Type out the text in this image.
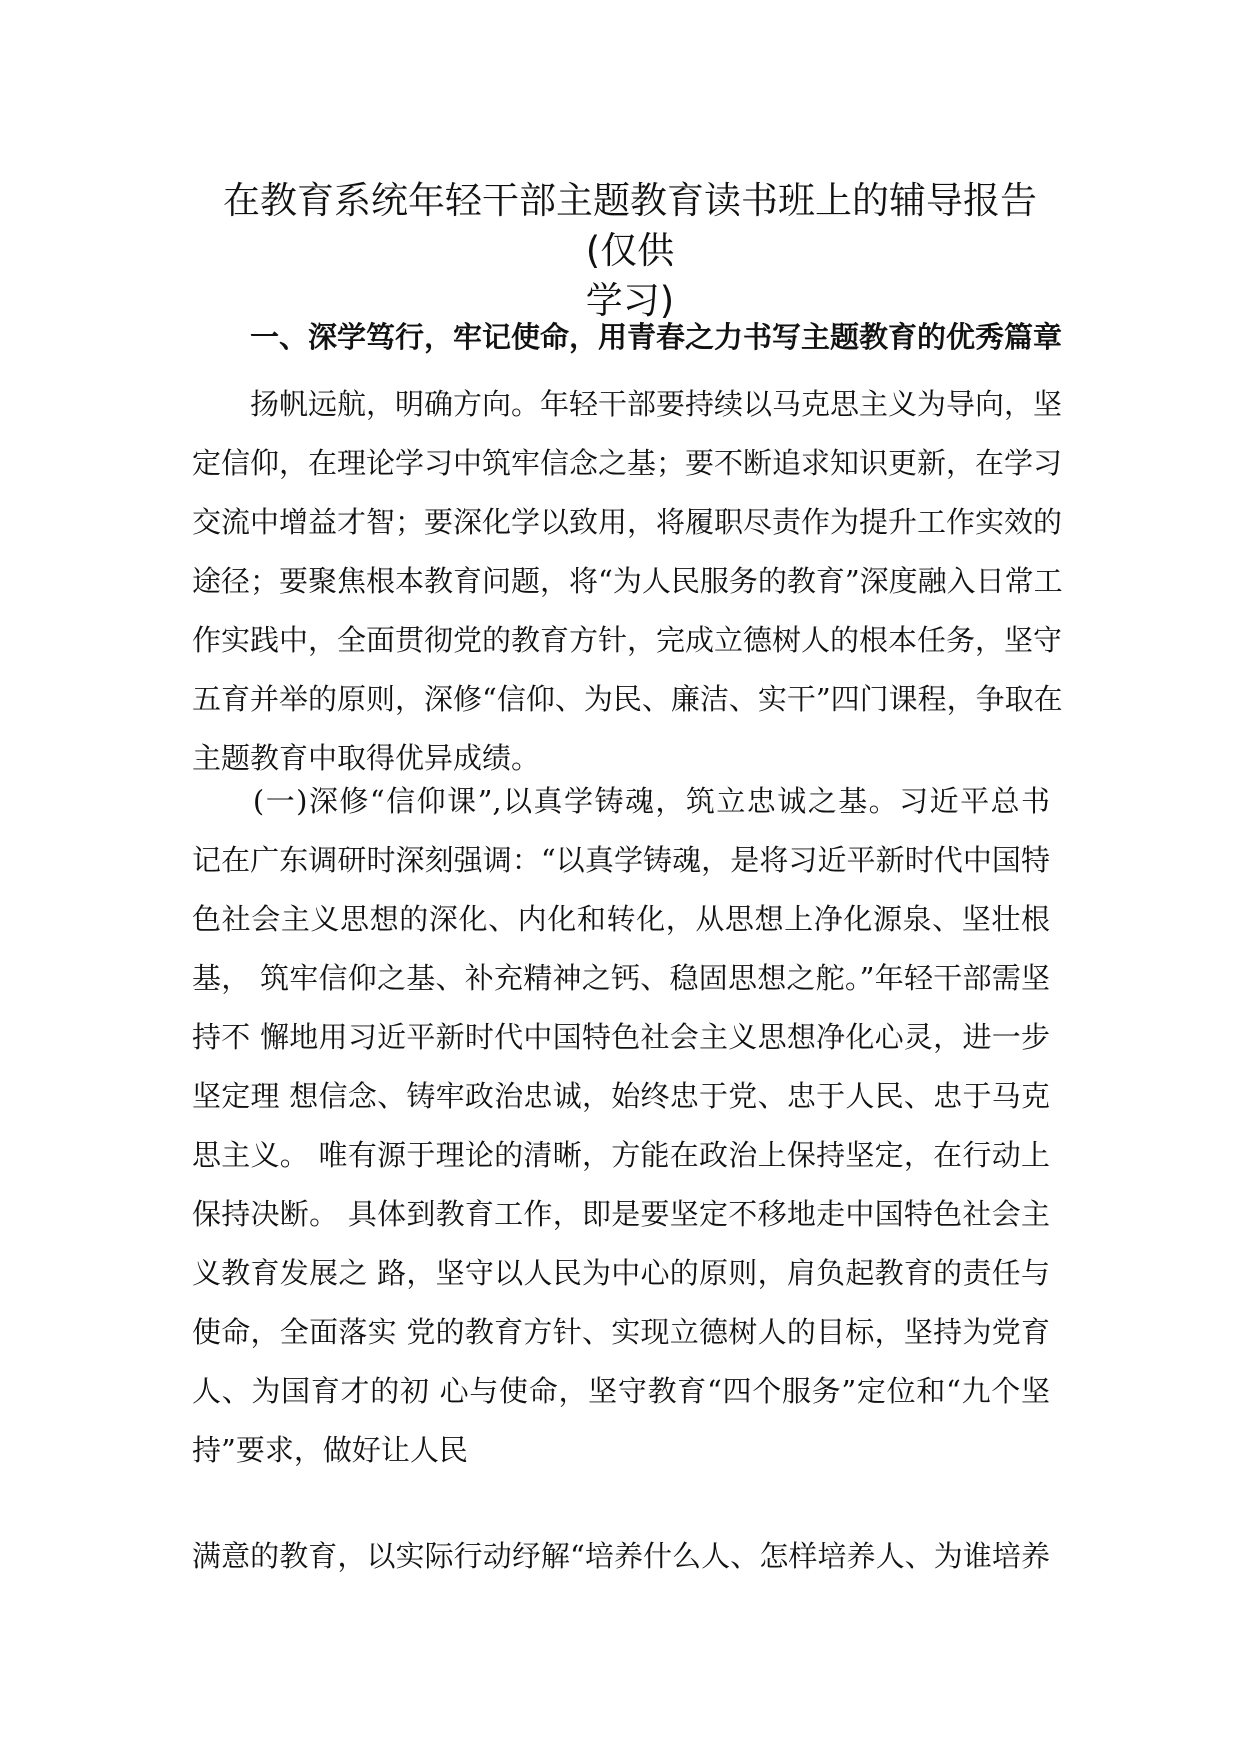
在教育系统年轻干部主题教育读书班上的辅导报告(仅供
学习)
一、深学笃行，牢记使命，用青春之力书写主题教育的优秀篇章
　　扬帆远航，明确方向。年轻干部要持续以马克思主义为导向，坚
定信仰，在理论学习中筑牢信念之基；要不断追求知识更新，在学习
交流中增益才智；要深化学以致用，将履职尽责作为提升工作实效的
途径；要聚焦根本教育问题，将“为人民服务的教育”深度融入日常工
作实践中，全面贯彻党的教育方针，完成立德树人的根本任务，坚守
五育并举的原则，深修“信仰、为民、廉洁、实干”四门课程，争取在
主题教育中取得优异成绩。
　　(一)深修“信仰课”,以真学铸魂，筑立忠诚之基。习近平总书
记在广东调研时深刻强调：“以真学铸魂，是将习近平新时代中国特
色社会主义思想的深化、内化和转化，从思想上净化源泉、坚壮根
基， 筑牢信仰之基、补充精神之钙、稳固思想之舵。”年轻干部需坚
持不 懈地用习近平新时代中国特色社会主义思想净化心灵，进一步
坚定理 想信念、铸牢政治忠诚，始终忠于党、忠于人民、忠于马克
思主义。 唯有源于理论的清晰，方能在政治上保持坚定，在行动上
保持决断。 具体到教育工作，即是要坚定不移地走中国特色社会主
义教育发展之 路，坚守以人民为中心的原则，肩负起教育的责任与
使命，全面落实 党的教育方针、实现立德树人的目标，坚持为党育
人、为国育才的初 心与使命，坚守教育“四个服务”定位和“九个坚
持”要求，做好让人民
满意的教育，以实际行动纾解“培养什么人、怎样培养人、为谁培养
